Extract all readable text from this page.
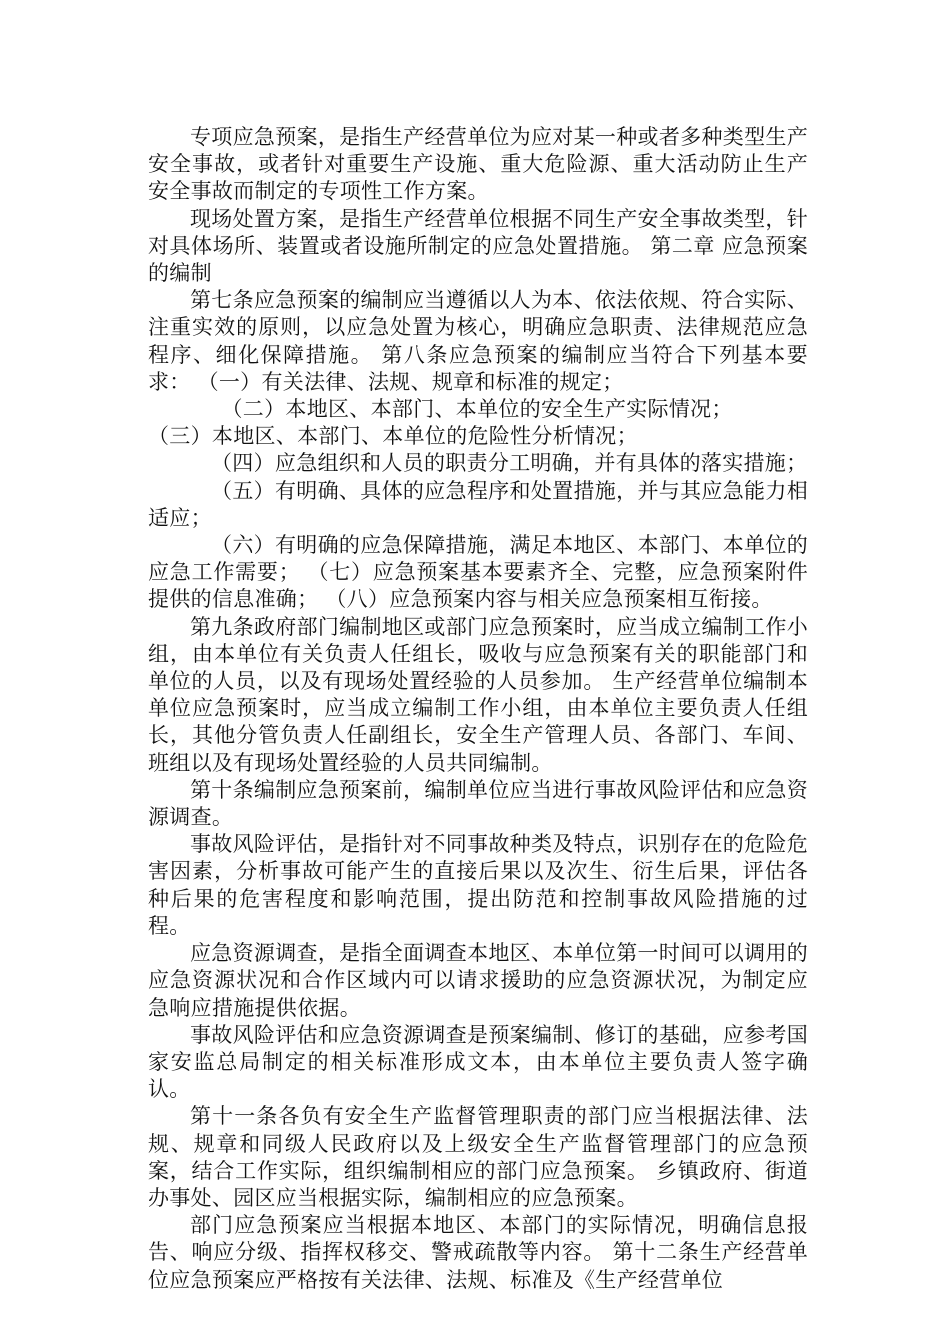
专项应急预案，是指生产经营单位为应对某一种或者多种类型生产安全事故，或者针对重要生产设施、重大危险源、重大活动防止生产安全事故而制定的专项性工作方案。

现场处置方案，是指生产经营单位根据不同生产安全事故类型，针对具体场所、装置或者设施所制定的应急处置措施。 第二章 应急预案的编制

第七条应急预案的编制应当遵循以人为本、依法依规、符合实际、注重实效的原则，以应急处置为核心，明确应急职责、法律规范应急程序、细化保障措施。 第八条应急预案的编制应当符合下列基本要求： （一）有关法律、法规、规章和标准的规定；

（二）本地区、本部门、本单位的安全生产实际情况；

（三）本地区、本部门、本单位的危险性分析情况；

（四）应急组织和人员的职责分工明确，并有具体的落实措施；

（五）有明确、具体的应急程序和处置措施，并与其应急能力相适应；

（六）有明确的应急保障措施，满足本地区、本部门、本单位的应急工作需要； （七）应急预案基本要素齐全、完整，应急预案附件提供的信息准确； （八）应急预案内容与相关应急预案相互衔接。

第九条政府部门编制地区或部门应急预案时，应当成立编制工作小组，由本单位有关负责人任组长，吸收与应急预案有关的职能部门和单位的人员，以及有现场处置经验的人员参加。 生产经营单位编制本单位应急预案时，应当成立编制工作小组，由本单位主要负责人任组长，其他分管负责人任副组长，安全生产管理人员、各部门、车间、班组以及有现场处置经验的人员共同编制。

第十条编制应急预案前，编制单位应当进行事故风险评估和应急资源调查。

事故风险评估，是指针对不同事故种类及特点，识别存在的危险危害因素，分析事故可能产生的直接后果以及次生、衍生后果，评估各种后果的危害程度和影响范围，提出防范和控制事故风险措施的过程。

应急资源调查，是指全面调查本地区、本单位第一时间可以调用的应急资源状况和合作区域内可以请求援助的应急资源状况，为制定应急响应措施提供依据。

事故风险评估和应急资源调查是预案编制、修订的基础，应参考国家安监总局制定的相关标准形成文本，由本单位主要负责人签字确认。

第十一条各负有安全生产监督管理职责的部门应当根据法律、法规、规章和同级人民政府以及上级安全生产监督管理部门的应急预案，结合工作实际，组织编制相应的部门应急预案。 乡镇政府、街道办事处、园区应当根据实际，编制相应的应急预案。

部门应急预案应当根据本地区、本部门的实际情况，明确信息报告、响应分级、指挥权移交、警戒疏散等内容。 第十二条生产经营单位应急预案应严格按有关法律、法规、标准及《生产经营单位
